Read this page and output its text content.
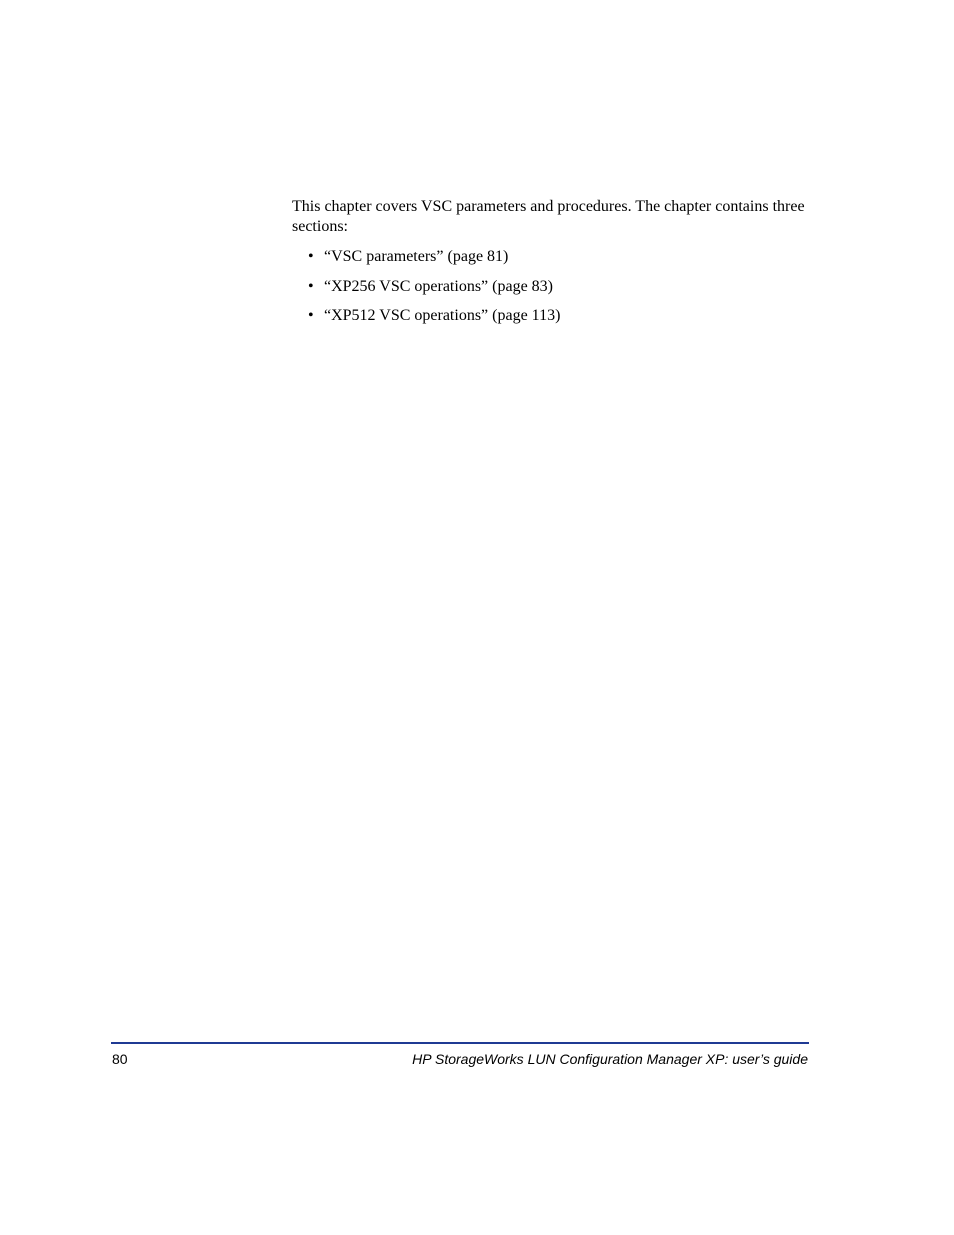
This chapter covers VSC parameters and procedures. The chapter contains three sections:

• “VSC parameters” (page 81)
• “XP256 VSC operations” (page 83)
• “XP512 VSC operations” (page 113)
80	HP StorageWorks LUN Configuration Manager XP: user’s guide
